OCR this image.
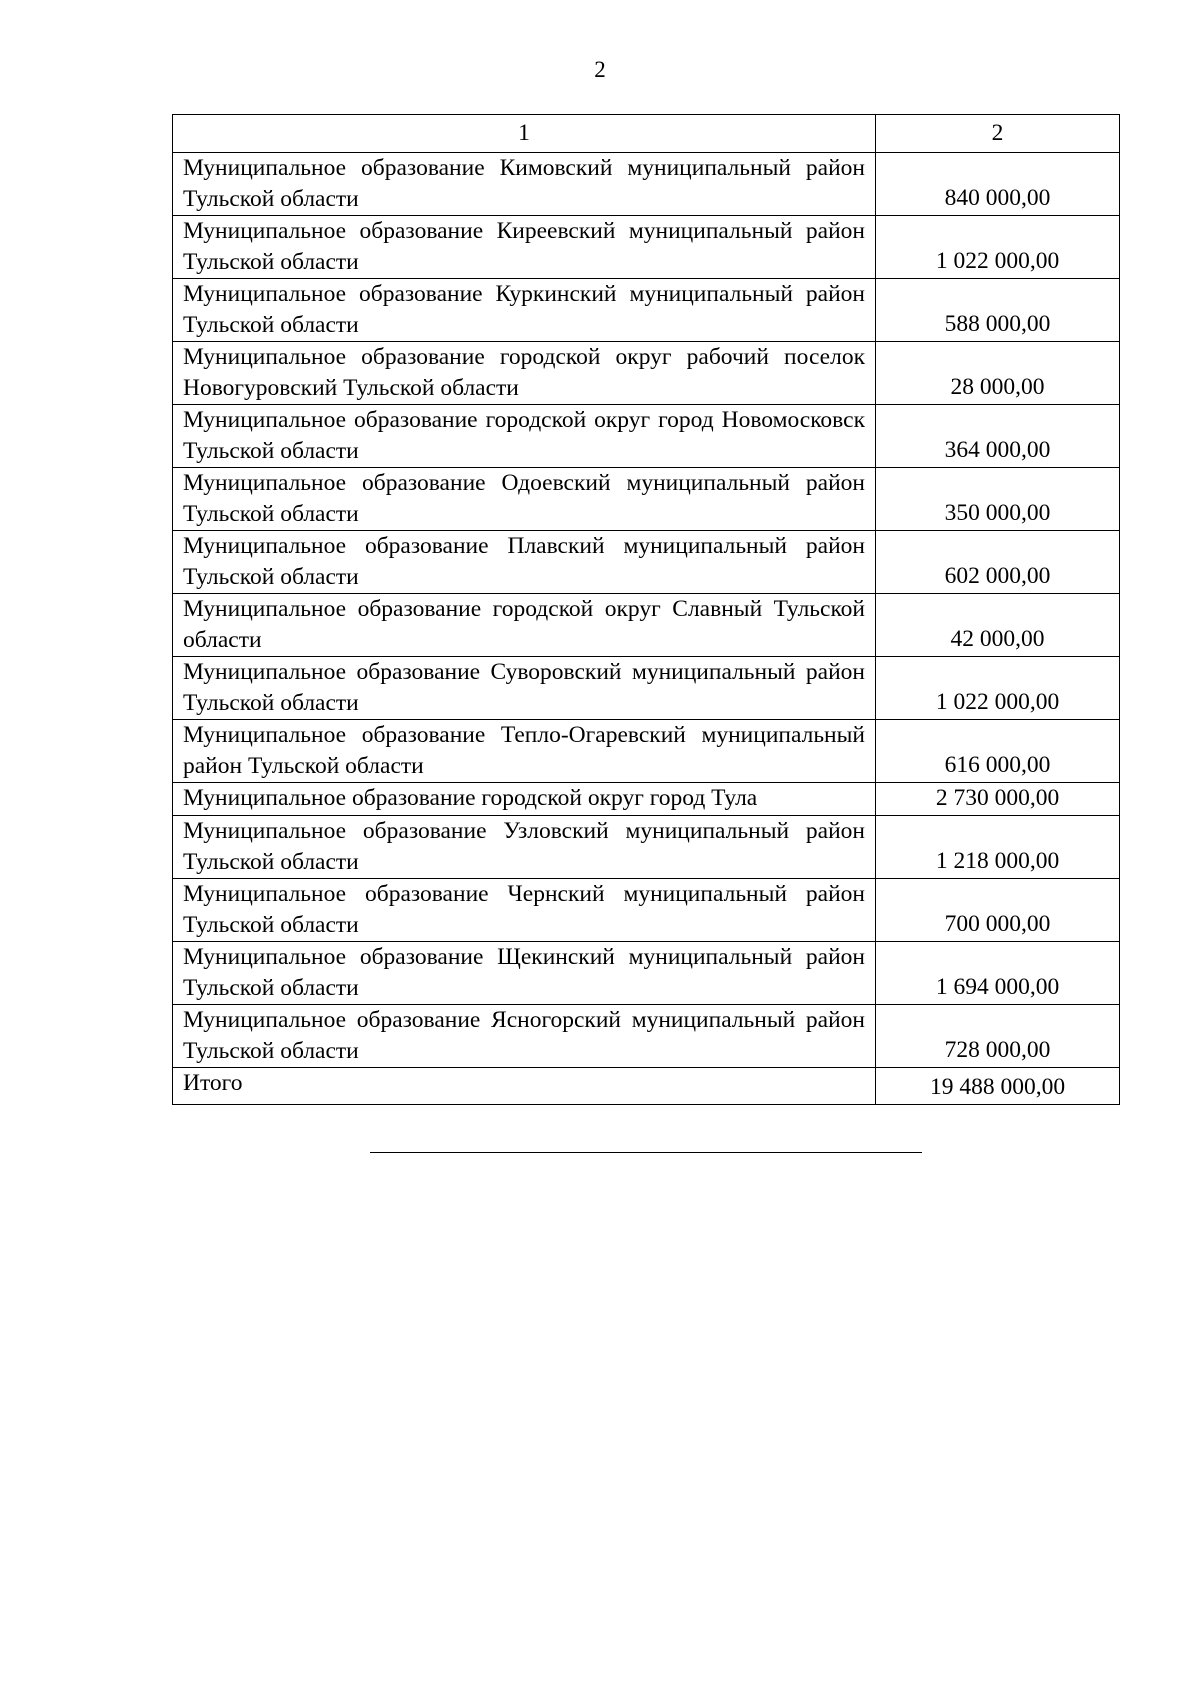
2
1	2
Муниципальное образование Кимовский муниципальный район Тульской области	840 000,00
Муниципальное образование Киреевский муниципальный район Тульской области	1 022 000,00
Муниципальное образование Куркинский муниципальный район Тульской области	588 000,00
Муниципальное образование городской округ рабочий поселок Новогуровский Тульской области	28 000,00
Муниципальное образование городской округ город Новомосковск Тульской области	364 000,00
Муниципальное образование Одоевский муниципальный район Тульской области	350 000,00
Муниципальное образование Плавский муниципальный район Тульской области	602 000,00
Муниципальное образование городской округ Славный Тульской области	42 000,00
Муниципальное образование Суворовский муниципальный район Тульской области	1 022 000,00
Муниципальное образование Тепло-Огаревский муниципальный район Тульской области	616 000,00
Муниципальное образование городской округ город Тула	2 730 000,00
Муниципальное образование Узловский муниципальный район Тульской области	1 218 000,00
Муниципальное образование Чернский муниципальный район Тульской области	700 000,00
Муниципальное образование Щекинский муниципальный район Тульской области	1 694 000,00
Муниципальное образование Ясногорский муниципальный район Тульской области	728 000,00
Итого	19 488 000,00
